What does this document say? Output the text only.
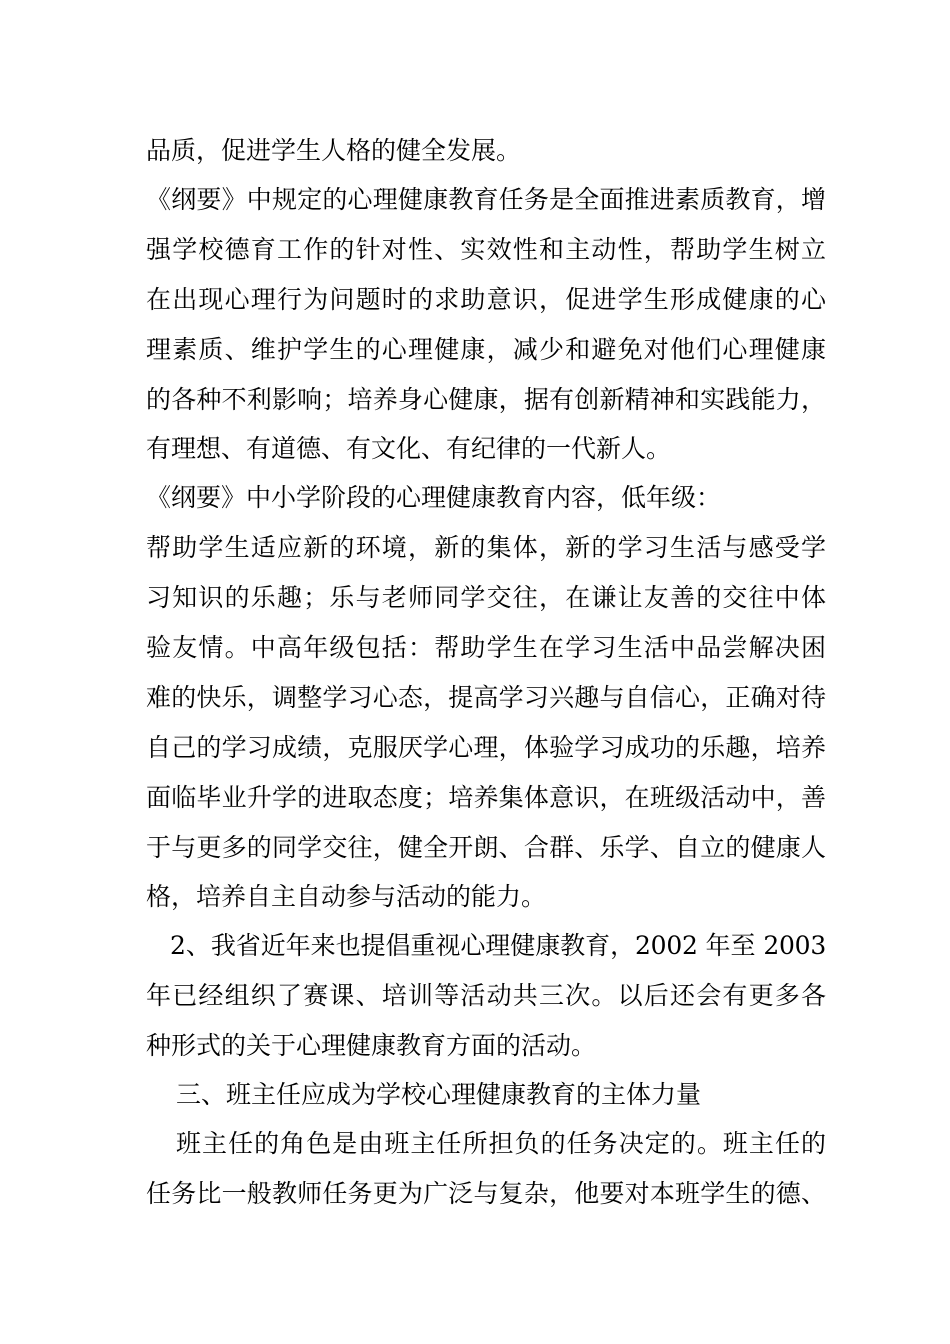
品质，促进学生人格的健全发展。
《纲要》中规定的心理健康教育任务是全面推进素质教育，增
强学校德育工作的针对性、实效性和主动性，帮助学生树立
在出现心理行为问题时的求助意识，促进学生形成健康的心
理素质、维护学生的心理健康，减少和避免对他们心理健康
的各种不利影响；培养身心健康，据有创新精神和实践能力，
有理想、有道德、有文化、有纪律的一代新人。
《纲要》中小学阶段的心理健康教育内容，低年级：
帮助学生适应新的环境，新的集体，新的学习生活与感受学
习知识的乐趣；乐与老师同学交往，在谦让友善的交往中体
验友情。中高年级包括：帮助学生在学习生活中品尝解决困
难的快乐，调整学习心态，提高学习兴趣与自信心，正确对待
自己的学习成绩，克服厌学心理，体验学习成功的乐趣，培养
面临毕业升学的进取态度；培养集体意识，在班级活动中，善
于与更多的同学交往，健全开朗、合群、乐学、自立的健康人
格，培养自主自动参与活动的能力。
2、我省近年来也提倡重视心理健康教育，2002 年至 2003
年已经组织了赛课、培训等活动共三次。以后还会有更多各
种形式的关于心理健康教育方面的活动。
三、班主任应成为学校心理健康教育的主体力量
班主任的角色是由班主任所担负的任务决定的。班主任的
任务比一般教师任务更为广泛与复杂，他要对本班学生的德、
